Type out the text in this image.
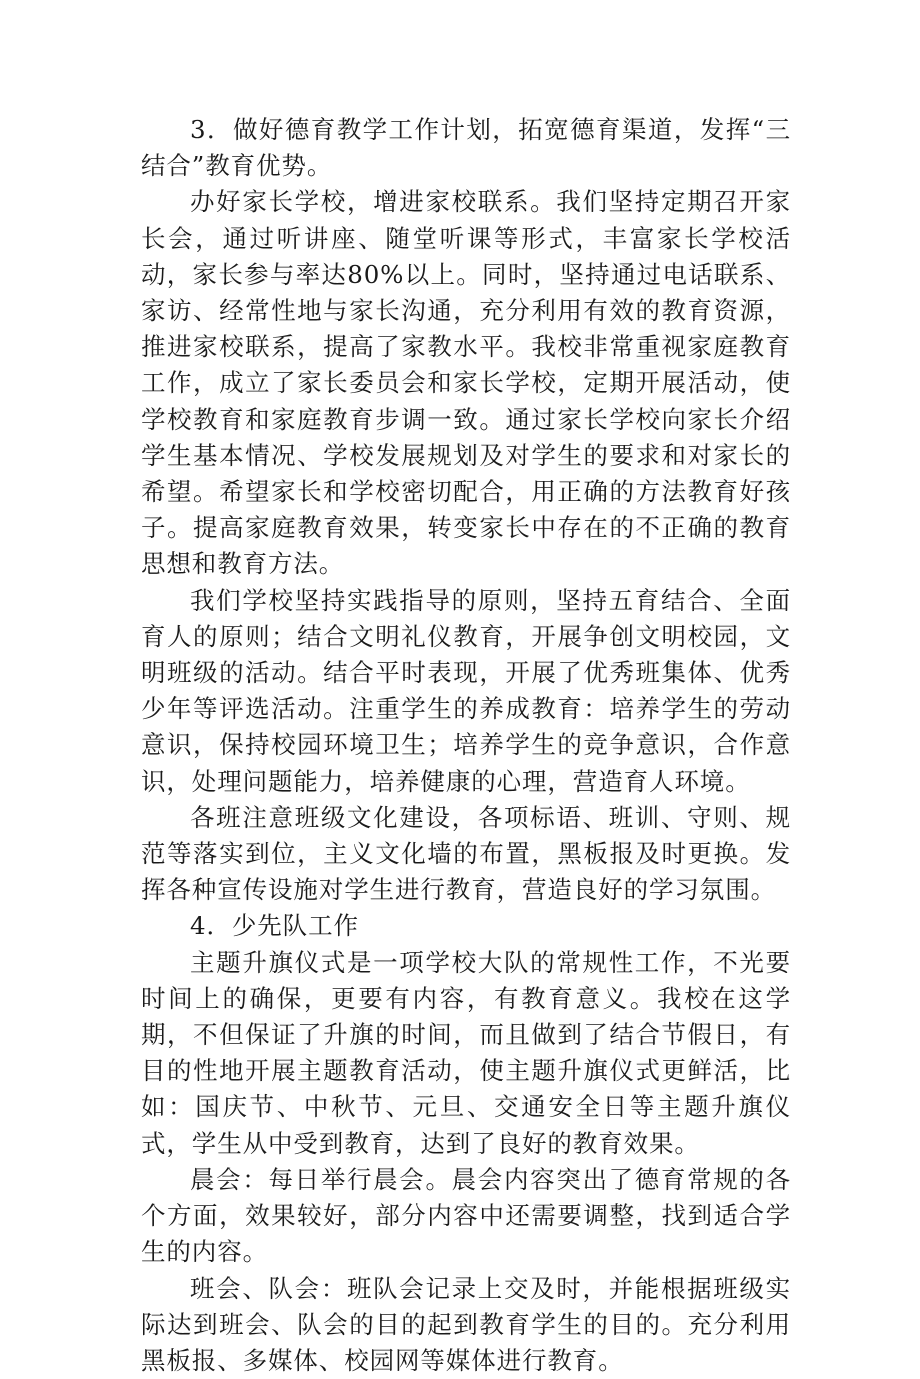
3．做好德育教学工作计划，拓宽德育渠道，发挥“三结合”教育优势。

办好家长学校，增进家校联系。我们坚持定期召开家长会，通过听讲座、随堂听课等形式，丰富家长学校活动，家长参与率达80%以上。同时，坚持通过电话联系、家访、经常性地与家长沟通，充分利用有效的教育资源，推进家校联系，提高了家教水平。我校非常重视家庭教育工作，成立了家长委员会和家长学校，定期开展活动，使学校教育和家庭教育步调一致。通过家长学校向家长介绍学生基本情况、学校发展规划及对学生的要求和对家长的希望。希望家长和学校密切配合，用正确的方法教育好孩子。提高家庭教育效果，转变家长中存在的不正确的教育思想和教育方法。

我们学校坚持实践指导的原则，坚持五育结合、全面育人的原则；结合文明礼仪教育，开展争创文明校园，文明班级的活动。结合平时表现，开展了优秀班集体、优秀少年等评选活动。注重学生的养成教育：培养学生的劳动意识，保持校园环境卫生；培养学生的竞争意识，合作意识，处理问题能力，培养健康的心理，营造育人环境。

各班注意班级文化建设，各项标语、班训、守则、规范等落实到位，主义文化墙的布置，黑板报及时更换。发挥各种宣传设施对学生进行教育，营造良好的学习氛围。

4．少先队工作

主题升旗仪式是一项学校大队的常规性工作，不光要时间上的确保，更要有内容，有教育意义。我校在这学期，不但保证了升旗的时间，而且做到了结合节假日，有目的性地开展主题教育活动，使主题升旗仪式更鲜活，比如：国庆节、中秋节、元旦、交通安全日等主题升旗仪式，学生从中受到教育，达到了良好的教育效果。

晨会：每日举行晨会。晨会内容突出了德育常规的各个方面，效果较好，部分内容中还需要调整，找到适合学生的内容。

班会、队会：班队会记录上交及时，并能根据班级实际达到班会、队会的目的起到教育学生的目的。充分利用黑板报、多媒体、校园网等媒体进行教育。
